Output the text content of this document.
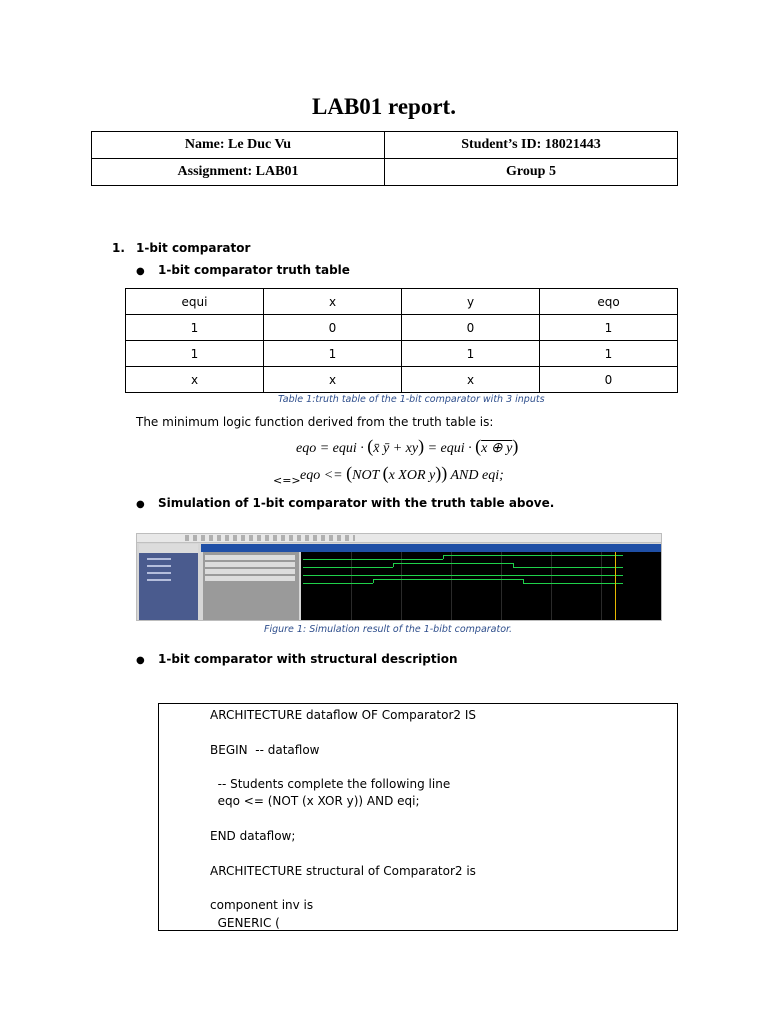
LAB01 report.
Name: Le Duc Vu	Student’s ID: 18021443
Assignment: LAB01	Group 5
1. 1-bit comparator
● 1-bit comparator truth table
equi	x	y	eqo
1	0	0	1
1	1	1	1
x	x	x	0
Table 1:truth table of the 1-bit comparator with 3 inputs
The minimum logic function derived from the truth table is:
eqo = equi · (x̄ ȳ + xy) = equi · (x ⊕ y)
<=> eqo <= (NOT (x XOR y)) AND eqi;
● Simulation of 1-bit comparator with the truth table above.
Figure 1: Simulation result of the 1-bibt comparator.
● 1-bit comparator with structural description
ARCHITECTURE dataflow OF Comparator2 IS
BEGIN  -- dataflow
-- Students complete the following line
eqo <= (NOT (x XOR y)) AND eqi;
END dataflow;
ARCHITECTURE structural of Comparator2 is
component inv is
GENERIC (
